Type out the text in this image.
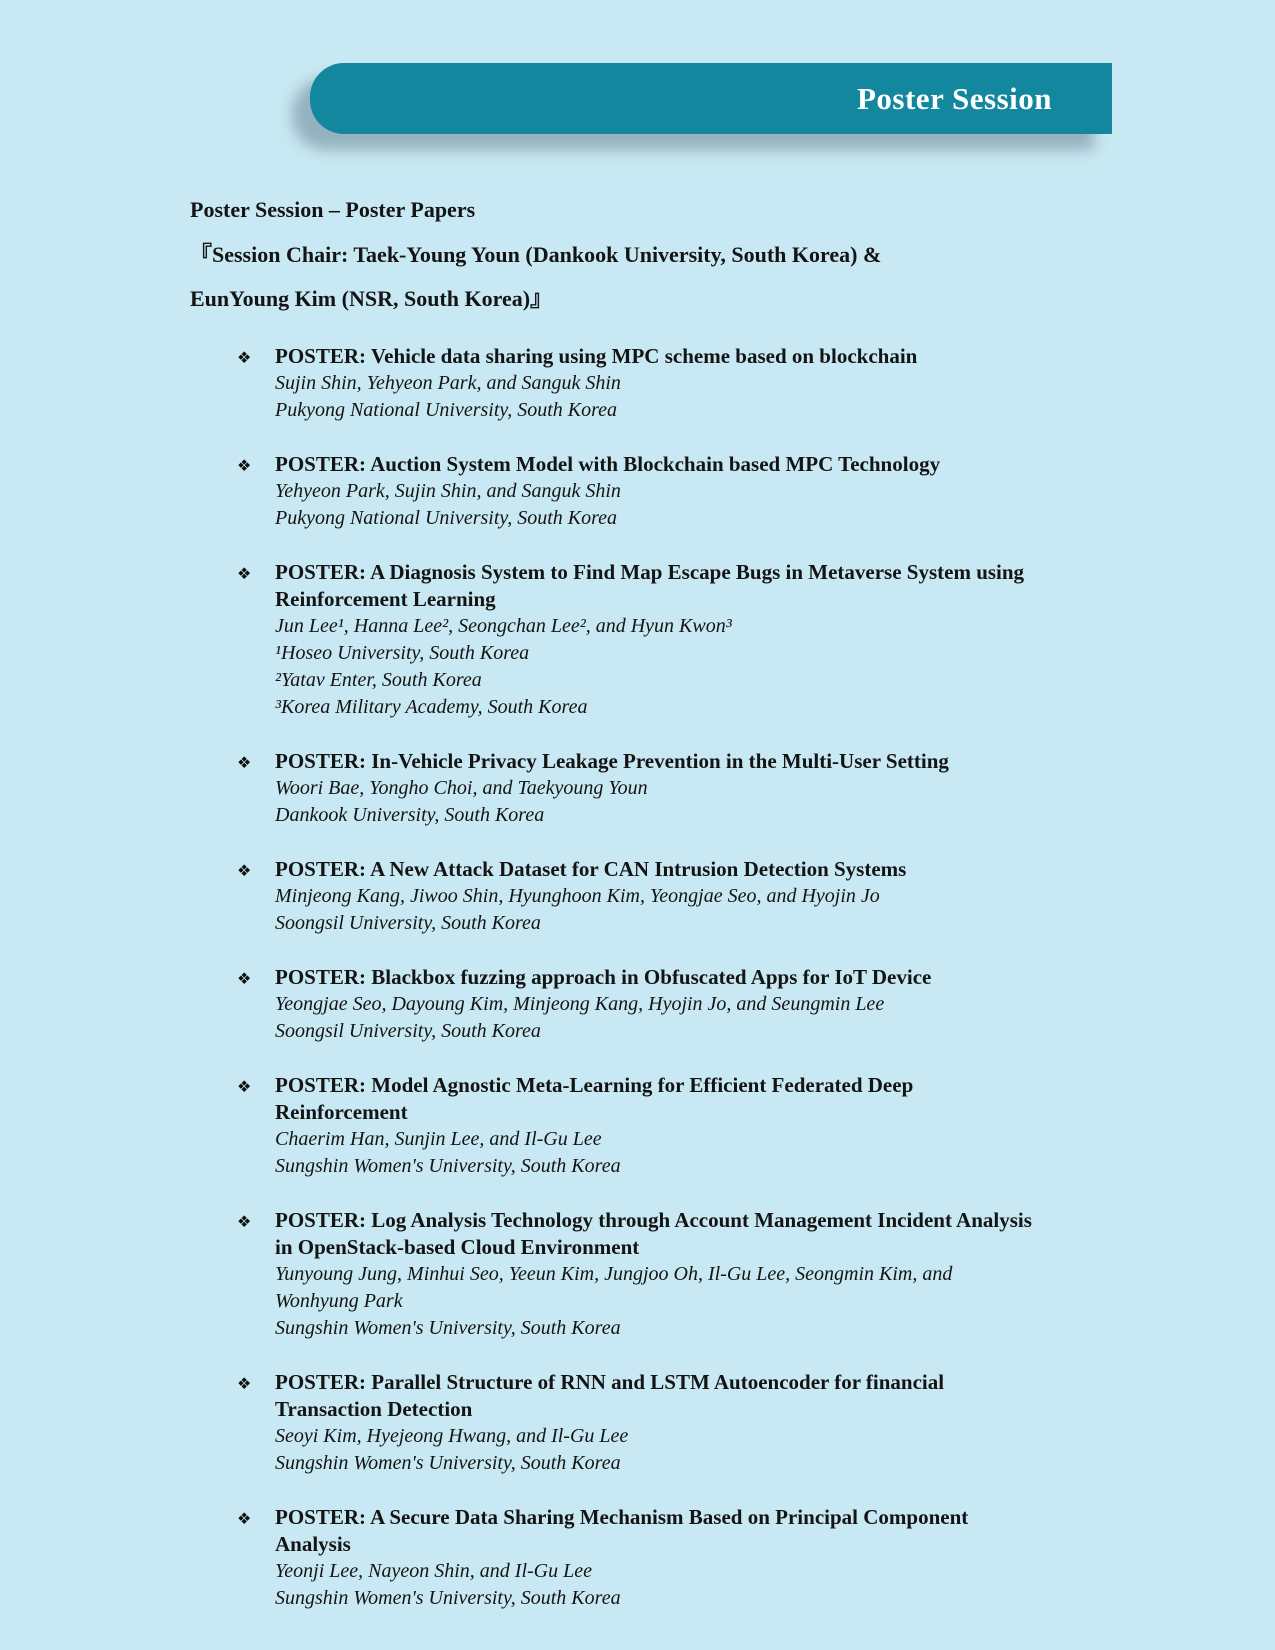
Poster Session
Poster Session – Poster Papers

『Session Chair: Taek-Young Youn (Dankook University, South Korea) &

EunYoung Kim (NSR, South Korea)』

❖	POSTER: Vehicle data sharing using MPC scheme based on blockchain
Sujin Shin, Yehyeon Park, and Sanguk Shin
Pukyong National University, South Korea
❖	POSTER: Auction System Model with Blockchain based MPC Technology
Yehyeon Park, Sujin Shin, and Sanguk Shin
Pukyong National University, South Korea
❖	POSTER: A Diagnosis System to Find Map Escape Bugs in Metaverse System using Reinforcement Learning
Jun Lee¹, Hanna Lee², Seongchan Lee², and Hyun Kwon³
¹Hoseo University, South Korea
²Yatav Enter, South Korea
³Korea Military Academy, South Korea
❖	POSTER: In-Vehicle Privacy Leakage Prevention in the Multi-User Setting
Woori Bae, Yongho Choi, and Taekyoung Youn
Dankook University, South Korea
❖	POSTER: A New Attack Dataset for CAN Intrusion Detection Systems
Minjeong Kang, Jiwoo Shin, Hyunghoon Kim, Yeongjae Seo, and Hyojin Jo
Soongsil University, South Korea
❖	POSTER: Blackbox fuzzing approach in Obfuscated Apps for IoT Device
Yeongjae Seo, Dayoung Kim, Minjeong Kang, Hyojin Jo, and Seungmin Lee
Soongsil University, South Korea
❖	POSTER: Model Agnostic Meta-Learning for Efficient Federated Deep Reinforcement
Chaerim Han, Sunjin Lee, and Il-Gu Lee
Sungshin Women's University, South Korea
❖	POSTER: Log Analysis Technology through Account Management Incident Analysis in OpenStack-based Cloud Environment
Yunyoung Jung, Minhui Seo, Yeeun Kim, Jungjoo Oh, Il-Gu Lee, Seongmin Kim, and Wonhyung Park
Sungshin Women's University, South Korea
❖	POSTER: Parallel Structure of RNN and LSTM Autoencoder for financial Transaction Detection
Seoyi Kim, Hyejeong Hwang, and Il-Gu Lee
Sungshin Women's University, South Korea
❖	POSTER: A Secure Data Sharing Mechanism Based on Principal Component Analysis
Yeonji Lee, Nayeon Shin, and Il-Gu Lee
Sungshin Women's University, South Korea
